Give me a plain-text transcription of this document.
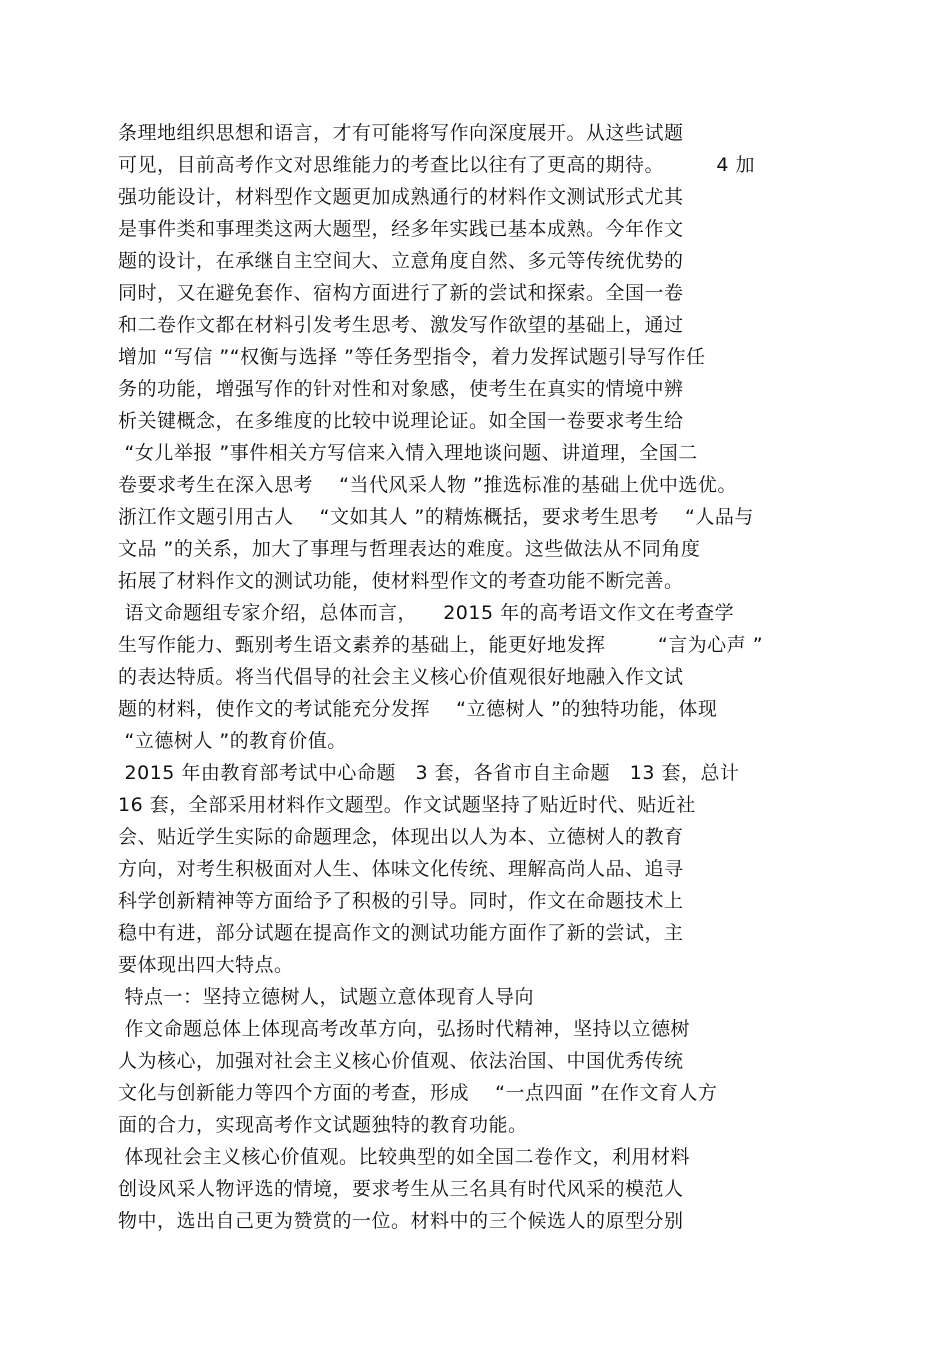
条理地组织思想和语言，才有可能将写作向深度展开。从这些试题
可见，目前高考作文对思维能力的考查比以往有了更高的期待。        4 加
强功能设计，材料型作文题更加成熟通行的材料作文测试形式尤其
是事件类和事理类这两大题型，经多年实践已基本成熟。今年作文
题的设计，在承继自主空间大、立意角度自然、多元等传统优势的
同时，又在避免套作、宿构方面进行了新的尝试和探索。全国一卷
和二卷作文都在材料引发考生思考、激发写作欲望的基础上，通过
增加 “写信 ”“权衡与选择 ”等任务型指令，着力发挥试题引导写作任
务的功能，增强写作的针对性和对象感，使考生在真实的情境中辨
析关键概念，在多维度的比较中说理论证。如全国一卷要求考生给
“女儿举报 ”事件相关方写信来入情入理地谈问题、讲道理，全国二
卷要求考生在深入思考    “当代风采人物 ”推选标准的基础上优中选优。
浙江作文题引用古人    “文如其人 ”的精炼概括，要求考生思考    “人品与
文品 ”的关系，加大了事理与哲理表达的难度。这些做法从不同角度
拓展了材料作文的测试功能，使材料型作文的考查功能不断完善。
语文命题组专家介绍，总体而言，    2015 年的高考语文作文在考查学
生写作能力、甄别考生语文素养的基础上，能更好地发挥        “言为心声 ”
的表达特质。将当代倡导的社会主义核心价值观很好地融入作文试
题的材料，使作文的考试能充分发挥    “立德树人 ”的独特功能，体现
“立德树人 ”的教育价值。
2015 年由教育部考试中心命题   3 套，各省市自主命题   13 套，总计
16 套，全部采用材料作文题型。作文试题坚持了贴近时代、贴近社
会、贴近学生实际的命题理念，体现出以人为本、立德树人的教育
方向，对考生积极面对人生、体味文化传统、理解高尚人品、追寻
科学创新精神等方面给予了积极的引导。同时，作文在命题技术上
稳中有进，部分试题在提高作文的测试功能方面作了新的尝试，主
要体现出四大特点。
特点一：坚持立德树人，试题立意体现育人导向
作文命题总体上体现高考改革方向，弘扬时代精神，坚持以立德树
人为核心，加强对社会主义核心价值观、依法治国、中国优秀传统
文化与创新能力等四个方面的考查，形成    “一点四面 ”在作文育人方
面的合力，实现高考作文试题独特的教育功能。
体现社会主义核心价值观。比较典型的如全国二卷作文，利用材料
创设风采人物评选的情境，要求考生从三名具有时代风采的模范人
物中，选出自己更为赞赏的一位。材料中的三个候选人的原型分别
